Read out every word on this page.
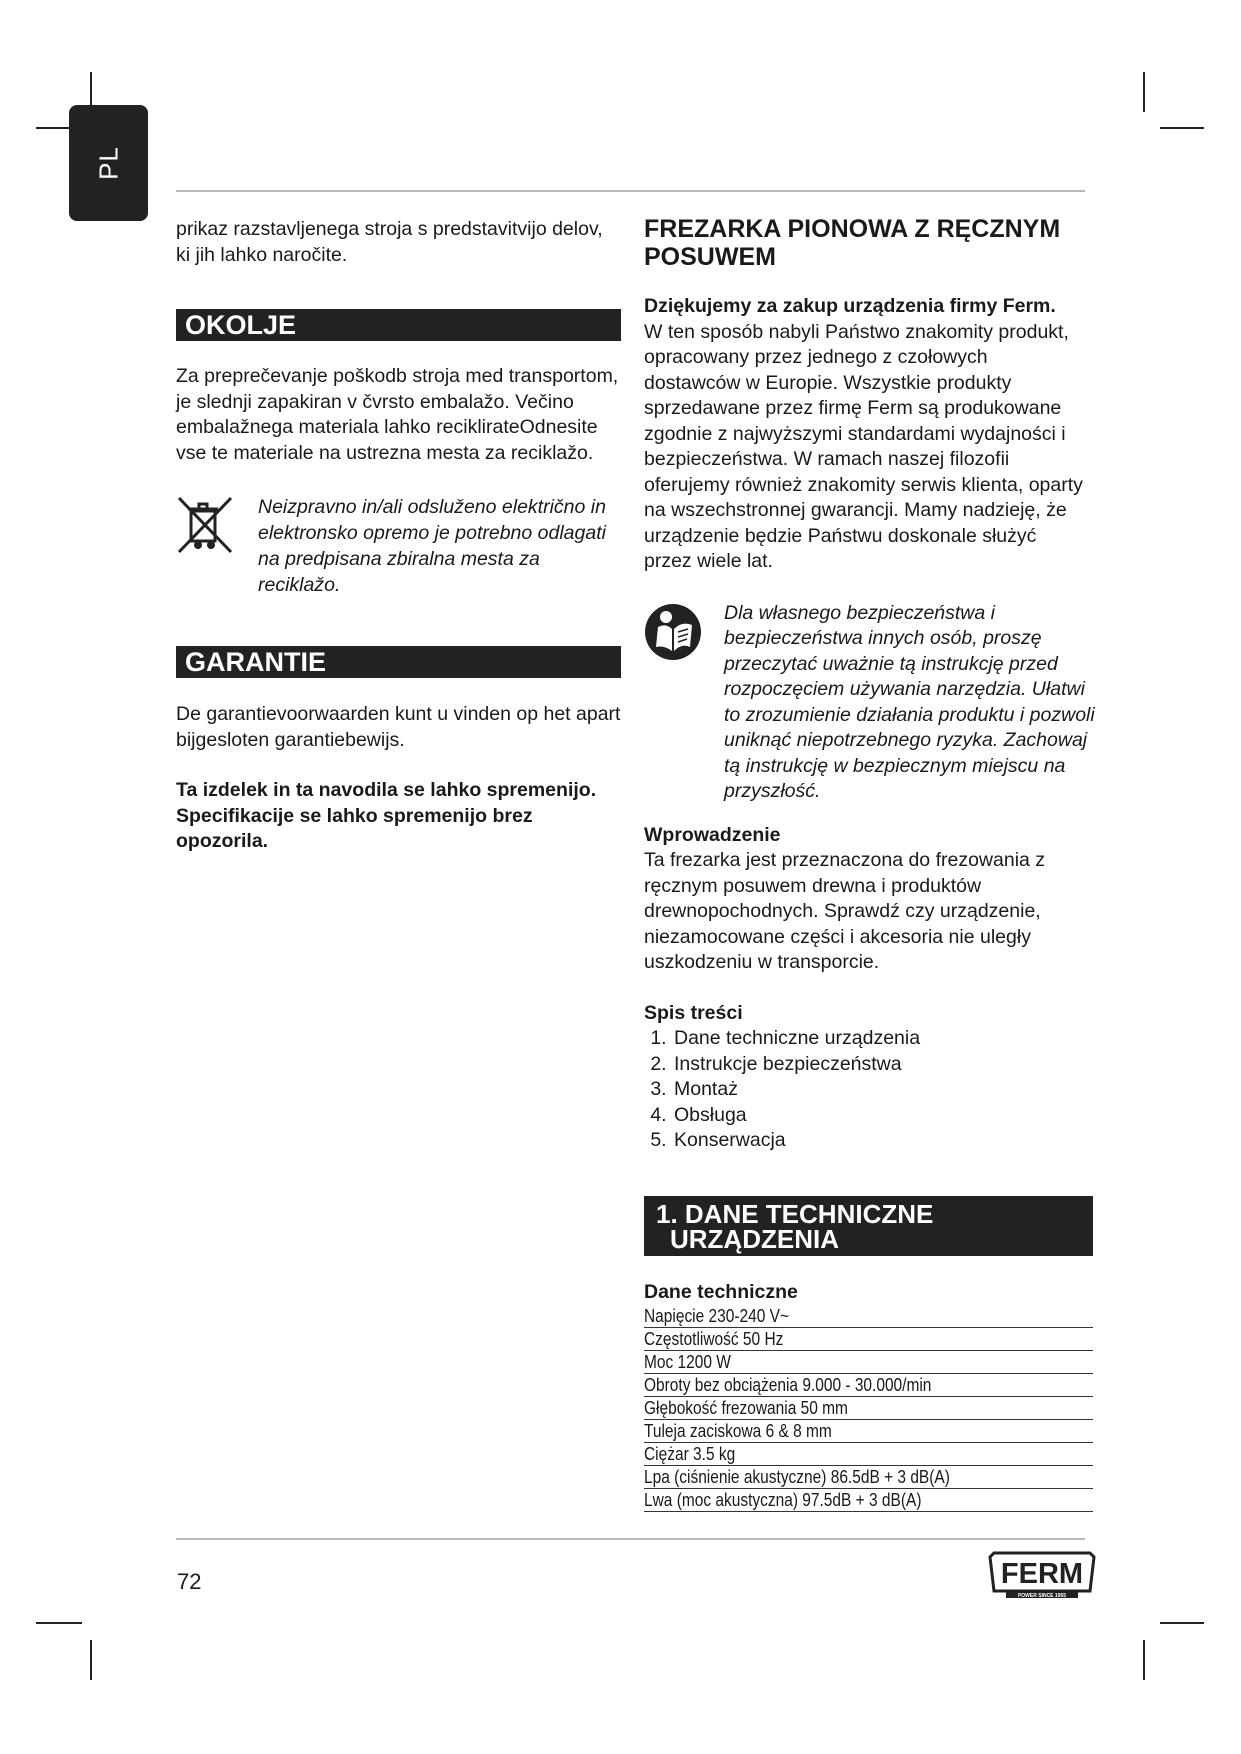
PL

prikaz razstavljenega stroja s predstavitvijo delov, ki jih lahko naročite.

OKOLJE

Za preprečevanje poškodb stroja med transportom, je slednji zapakiran v čvrsto embalažo. Večino embalažnega materiala lahko reciklirateOdnesite vse te materiale na ustrezna mesta za reciklažo.

Neizpravno in/ali odsluženo električno in elektronsko opremo je potrebno odlagati na predpisana zbiralna mesta za reciklažo.

GARANTIE

De garantievoorwaarden kunt u vinden op het apart bijgesloten garantiebewijs.

Ta izdelek in ta navodila se lahko spremenijo. Specifikacije se lahko spremenijo brez opozorila.

FREZARKA PIONOWA Z RĘCZNYM POSUWEM

Dziękujemy za zakup urządzenia firmy Ferm.

W ten sposób nabyli Państwo znakomity produkt, opracowany przez jednego z czołowych dostawców w Europie. Wszystkie produkty sprzedawane przez firmę Ferm są produkowane zgodnie z najwyższymi standardami wydajności i bezpieczeństwa. W ramach naszej filozofii oferujemy również znakomity serwis klienta, oparty na wszechstronnej gwarancji. Mamy nadzieję, że urządzenie będzie Państwu doskonale służyć przez wiele lat.

Dla własnego bezpieczeństwa i bezpieczeństwa innych osób, proszę przeczytać uważnie tą instrukcję przed rozpoczęciem używania narzędzia. Ułatwi to zrozumienie działania produktu i pozwoli uniknąć niepotrzebnego ryzyka. Zachowaj tą instrukcję w bezpiecznym miejscu na przyszłość.

Wprowadzenie

Ta frezarka jest przeznaczona do frezowania z ręcznym posuwem drewna i produktów drewnopochodnych. Sprawdź czy urządzenie, niezamocowane części i akcesoria nie uległy uszkodzeniu w transporcie.

Spis treści

1. Dane techniczne urządzenia
2. Instrukcje bezpieczeństwa
3. Montaż
4. Obsługa
5. Konserwacja
1. DANE TECHNICZNE
URZĄDZENIA

Dane techniczne

Napięcie 230-240 V~
Częstotliwość 50 Hz
Moc 1200 W
Obroty bez obciążenia 9.000 - 30.000/min
Głębokość frezowania 50 mm
Tuleja zaciskowa 6 & 8 mm
Ciężar 3.5 kg
Lpa (ciśnienie akustyczne) 86.5dB + 3 dB(A)
Lwa (moc akustyczna) 97.5dB + 3 dB(A)
72	FERM
POWER SINCE 1965
